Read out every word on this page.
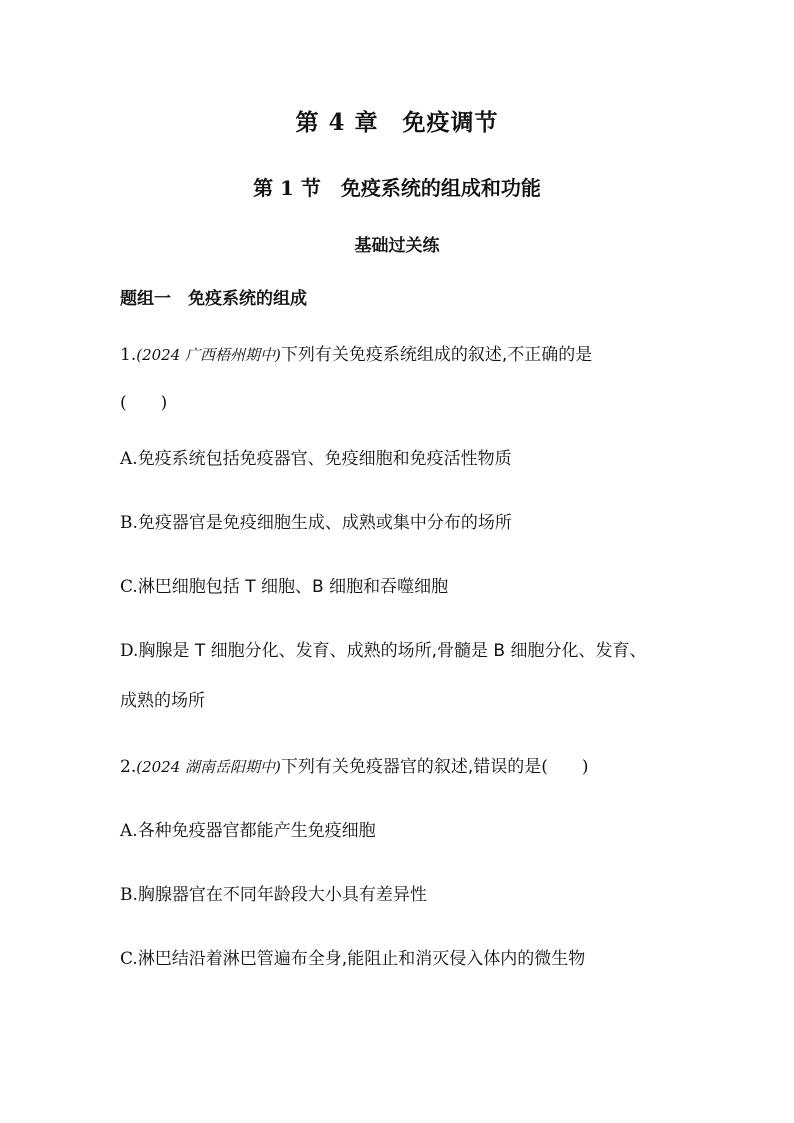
第 4 章　免疫调节
第 1 节　免疫系统的组成和功能
基础过关练
题组一　免疫系统的组成
1.(2024 广西梧州期中)下列有关免疫系统组成的叙述,不正确的是
(　　)
A.免疫系统包括免疫器官、免疫细胞和免疫活性物质
B.免疫器官是免疫细胞生成、成熟或集中分布的场所
C.淋巴细胞包括 T 细胞、B 细胞和吞噬细胞
D.胸腺是 T 细胞分化、发育、成熟的场所,骨髓是 B 细胞分化、发育、
成熟的场所
2.(2024 湖南岳阳期中)下列有关免疫器官的叙述,错误的是(　　)
A.各种免疫器官都能产生免疫细胞
B.胸腺器官在不同年龄段大小具有差异性
C.淋巴结沿着淋巴管遍布全身,能阻止和消灭侵入体内的微生物
